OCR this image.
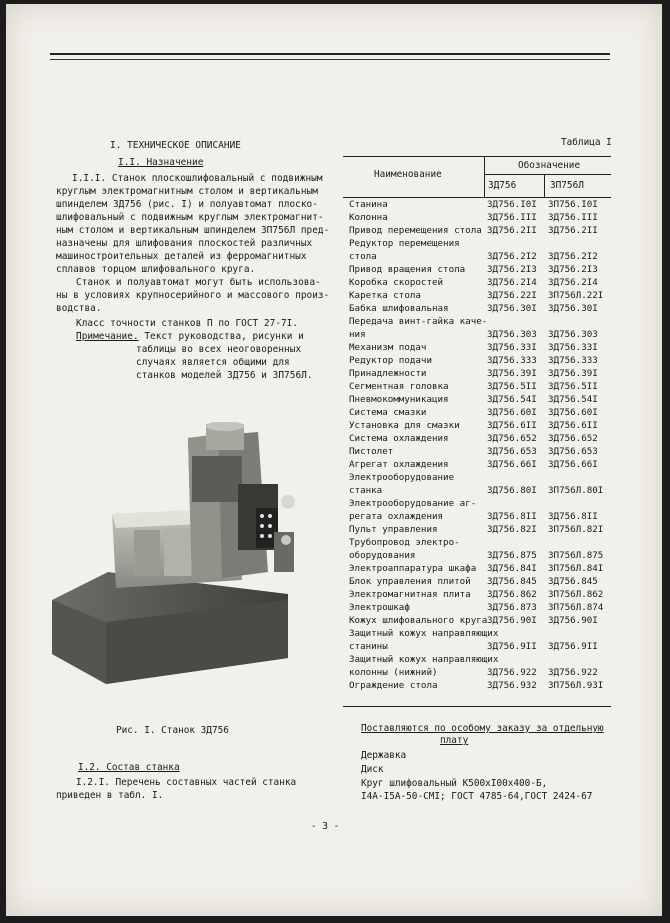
I. ТЕХНИЧЕСКОЕ ОПИСАНИЕ
I.I. Назначение
I.I.I. Станок плоскошлифовальный с подвижным
круглым электромагнитным столом и вертикальным
шпинделем 3Д756 (рис. I) и полуавтомат плоско-
шлифовальный с подвижным круглым электромагнит-
ным столом и вертикальным шпинделем 3П756Л пред-
назначены для шлифования плоскостей различных
машиностроительных деталей из ферромагнитных
сплавов торцом шлифовального круга.
Станок и полуавтомат могут быть использова-
ны в условиях крупносерийного и массового произ-
водства.
Класс точности станков П по ГОСТ 27-7I.
Примечание. Текст руководства, рисунки и
таблицы во всех неоговоренных
случаях является общими для
станков моделей 3Д756 и 3П756Л.
Рис. I. Станок 3Д756
I.2. Состав станка
I.2.I. Перечень составных частей станка
приведен в табл. I.
- 3 -
Таблица I
Наименование
Обозначение
3Д756	3П756Л
Станина	3Д756.I0I 3П756.I0I
Колонна	3Д756.III 3Д756.III
Привод перемещения стола 3Д756.2II 3Д756.2II
Редуктор перемещения
стола	3Д756.2I2 3Д756.2I2
Привод вращения стола 3Д756.2I3 3Д756.2I3
Коробка скоростей	3Д756.2I4 3Д756.2I4
Каретка стола	3Д756.22I 3П756Л.22I
Бабка шлифовальная	3Д756.30I 3Д756.30I
Передача винт-гайка каче-
ния	3Д756.303 3Д756.303
Механизм подач	3Д756.33I 3Д756.33I
Редуктор подачи	3Д756.333 3Д756.333
Принадлежности	3Д756.39I 3Д756.39I
Сегментная головка	3Д756.5II 3Д756.5II
Пневмокоммуникация	3Д756.54I 3Д756.54I
Система смазки	3Д756.60I 3Д756.60I
Установка для смазки	3Д756.6II 3Д756.6II
Система охлаждения	3Д756.652 3Д756.652
Пистолет	3Д756.653 3Д756.653
Агрегат охлаждения	3Д756.66I 3Д756.66I
Электрооборудование
станка	3Д756.80I 3П756Л.80I
Электрооборудование аг-
регата охлаждения	3Д756.8II 3Д756.8II
Пульт управления	3Д756.82I 3П756Л.82I
Трубопровод электро-
оборудования	3Д756.875 3П756Л.875
Электроаппаратура шкафа 3Д756.84I 3П756Л.84I
Блок управления плитой 3Д756.845 3Д756.845
Электромагнитная плита 3Д756.862 3П756Л.862
Электрошкаф	3Д756.873 3П756Л.874
Кожух шлифовального круга 3Д756.90I 3Д756.90I
Защитный кожух направляющих
станины	3Д756.9II 3Д756.9II
Защитный кожух направляющих
колонны (нижний)	3Д756.922 3Д756.922
Ограждение стола	3Д756.932 3П756Л.93I
Поставляются по особому заказу за отдельную
плату
Державка
Диск
Круг шлифовальный К500хI00х400-Б,
I4А-I5А-50-СМI; ГОСТ 4785-64,ГОСТ 2424-67
